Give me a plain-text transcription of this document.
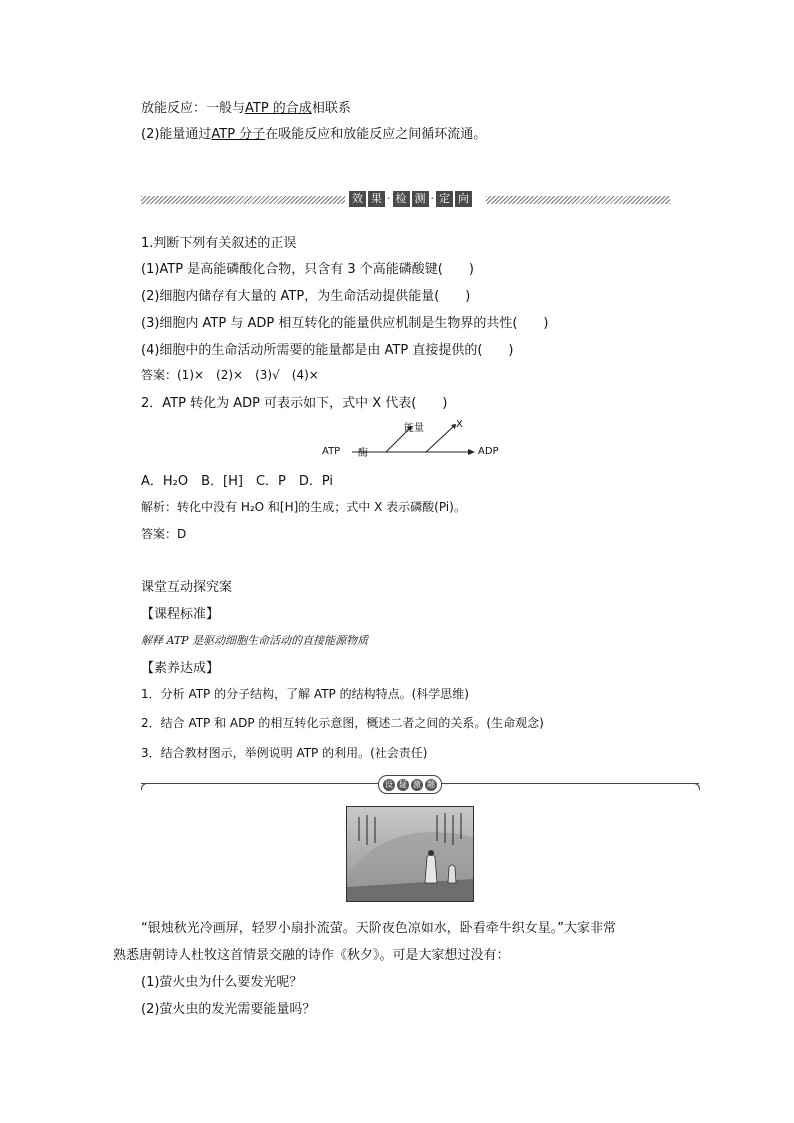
放能反应：一般与ATP 的合成相联系
(2)能量通过ATP 分子在吸能反应和放能反应之间循环流通。
效 果 · 检 测 · 定 向
1.判断下列有关叙述的正误
(1)ATP 是高能磷酸化合物，只含有 3 个高能磷酸键(　　)
(2)细胞内储存有大量的 ATP，为生命活动提供能量(　　)
(3)细胞内 ATP 与 ADP 相互转化的能量供应机制是生物界的共性(　　)
(4)细胞中的生命活动所需要的能量都是由 ATP 直接提供的(　　)
答案：(1)×　(2)×　(3)√　(4)×
2．ATP 转化为 ADP 可表示如下，式中 X 代表(　　)
ATP 酶
能量	X
ADP
A．H₂O　B．[H]　C．P　D．Pi
解析：转化中没有 H₂O 和[H]的生成；式中 X 表示磷酸(Pi)。
答案：D
课堂互动探究案
【课程标准】
解释 ATP 是驱动细胞生命活动的直接能源物质
【素养达成】
1．分析 ATP 的分子结构，了解 ATP 的结构特点。(科学思维)
2．结合 ATP 和 ADP 的相互转化示意图，概述二者之间的关系。(生命观念)
3．结合教材图示，举例说明 ATP 的利用。(社会责任)
设 疑 激 趣
“银烛秋光冷画屏，轻罗小扇扑流萤。天阶夜色凉如水，卧看牵牛织女星。”大家非常
熟悉唐朝诗人杜牧这首情景交融的诗作《秋夕》。可是大家想过没有：
(1)萤火虫为什么要发光呢？
(2)萤火虫的发光需要能量吗？
